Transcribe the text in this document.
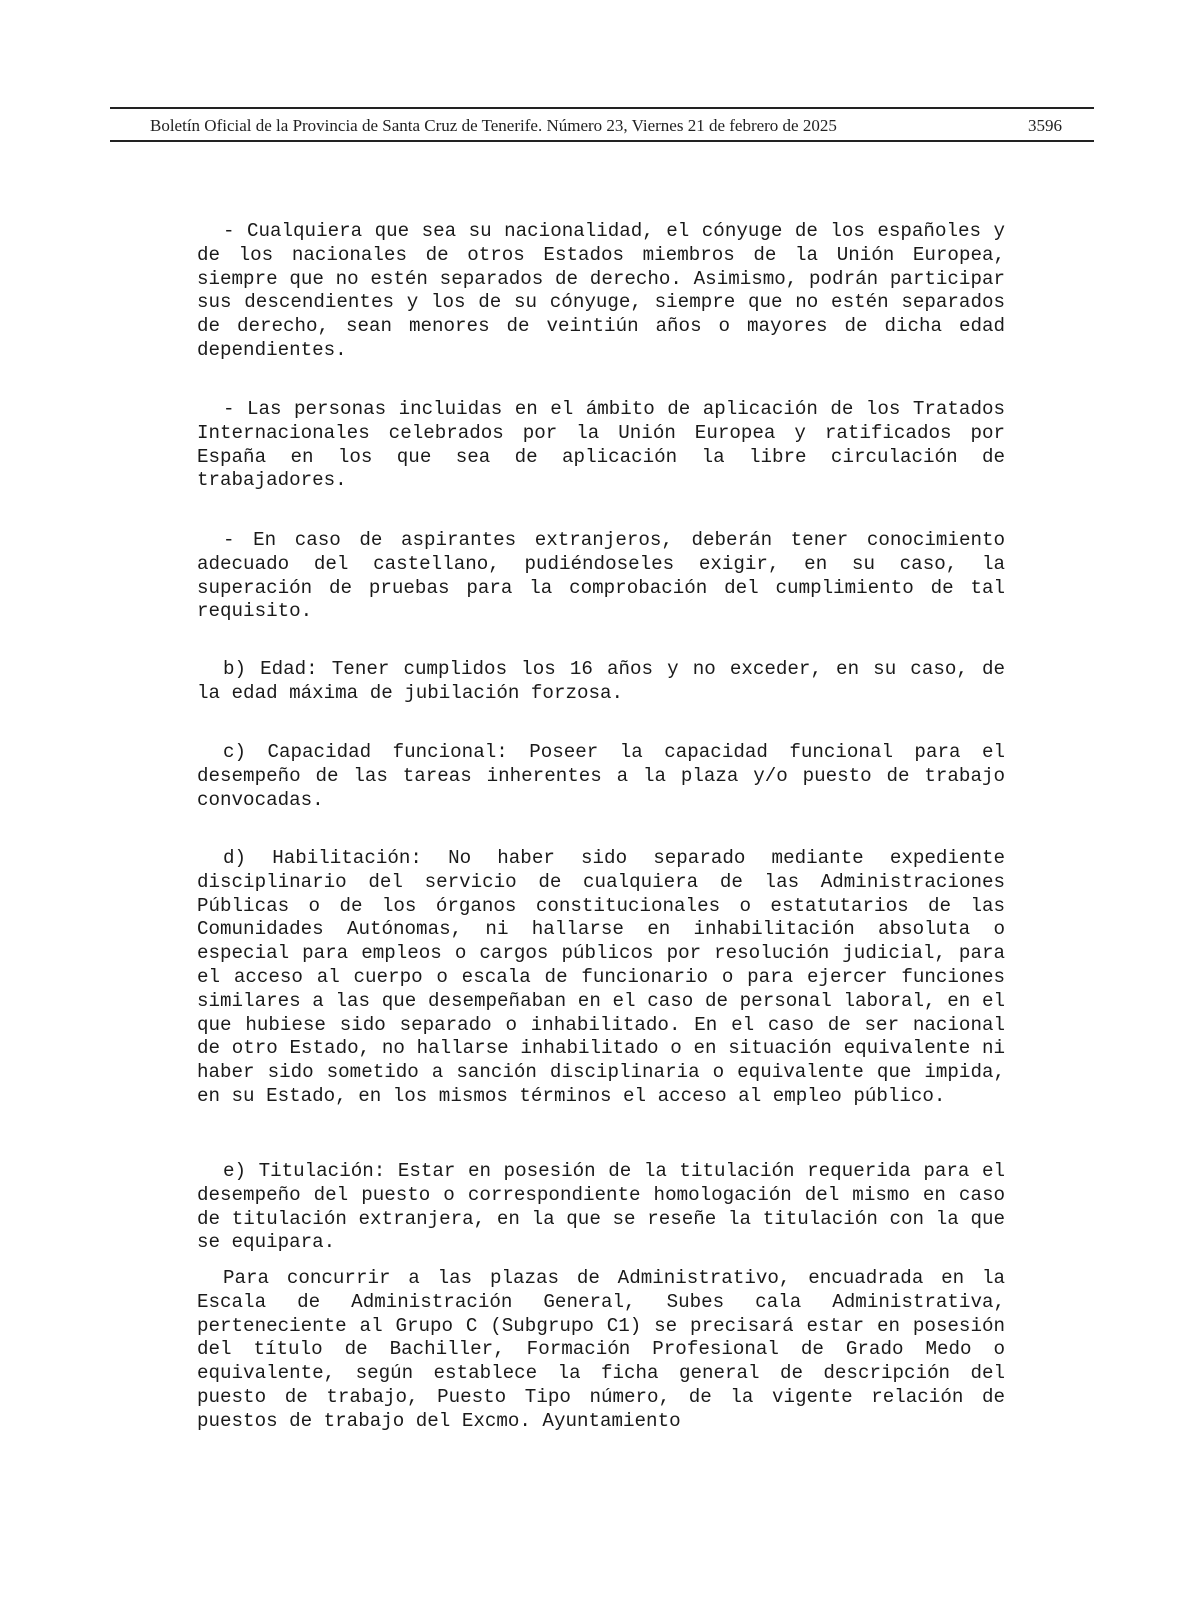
Boletín Oficial de la Provincia de Santa Cruz de Tenerife. Número 23, Viernes 21 de febrero de 2025	3596

- Cualquiera que sea su nacionalidad, el cónyuge de los españoles y de los nacionales de otros Estados miembros de la Unión Europea, siempre que no estén separados de derecho. Asimismo, podrán participar sus descendientes y los de su cónyuge, siempre que no estén separados de derecho, sean menores de veintiún años o mayores de dicha edad dependientes.

- Las personas incluidas en el ámbito de aplicación de los Tratados Internacionales celebrados por la Unión Europea y ratificados por España en los que sea de aplicación la libre circulación de trabajadores.

- En caso de aspirantes extranjeros, deberán tener conocimiento adecuado del castellano, pudiéndoseles exigir, en su caso, la superación de pruebas para la comprobación del cumplimiento de tal requisito.

b) Edad: Tener cumplidos los 16 años y no exceder, en su caso, de la edad máxima de jubilación forzosa.

c) Capacidad funcional: Poseer la capacidad funcional para el desempeño de las tareas inherentes a la plaza y/o puesto de trabajo convocadas.

d) Habilitación: No haber sido separado mediante expediente disciplinario del servicio de cualquiera de las Administraciones Públicas o de los órganos constitucionales o estatutarios de las Comunidades Autónomas, ni hallarse en inhabilitación absoluta o especial para empleos o cargos públicos por resolución judicial, para el acceso al cuerpo o escala de funcionario o para ejercer funciones similares a las que desempeñaban en el caso de personal laboral, en el que hubiese sido separado o inhabilitado. En el caso de ser nacional de otro Estado, no hallarse inhabilitado o en situación equivalente ni haber sido sometido a sanción disciplinaria o equivalente que impida, en su Estado, en los mismos términos el acceso al empleo público.

e) Titulación: Estar en posesión de la titulación requerida para el desempeño del puesto o correspondiente homologación del mismo en caso de titulación extranjera, en la que se reseñe la titulación con la que se equipara.

Para concurrir a las plazas de Administrativo, encuadrada en la Escala de Administración General, Subes cala Administrativa, perteneciente al Grupo C (Subgrupo C1) se precisará estar en posesión del título de Bachiller, Formación Profesional de Grado Medo o equivalente, según establece la ficha general de descripción del puesto de trabajo, Puesto Tipo número, de la vigente relación de puestos de trabajo del Excmo. Ayuntamiento
